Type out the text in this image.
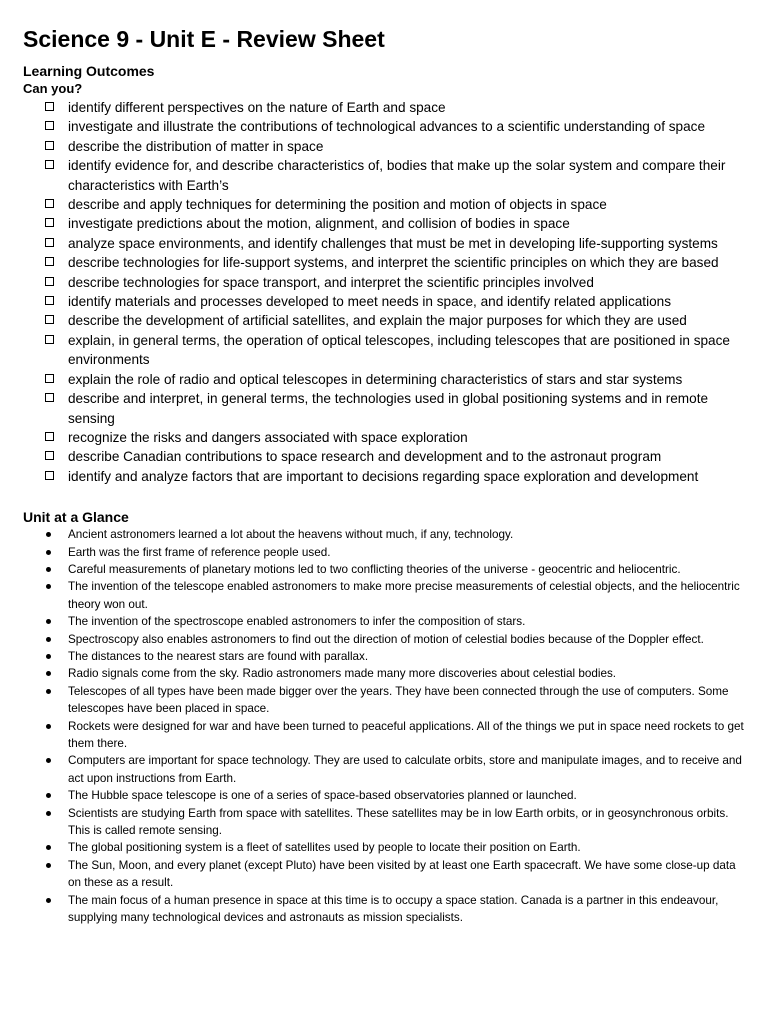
Science 9 - Unit E - Review Sheet
Learning Outcomes
Can you?
identify different perspectives on the nature of Earth and space
investigate and illustrate the contributions of technological advances to a scientific understanding of space
describe the distribution of matter in space
identify evidence for, and describe characteristics of, bodies that make up the solar system and compare their characteristics with Earth’s
describe and apply techniques for determining the position and motion of objects in space
investigate predictions about the motion, alignment, and collision of bodies in space
analyze space environments, and identify challenges that must be met in developing life-supporting systems
describe technologies for life-support systems, and interpret the scientific principles on which they are based
describe technologies for space transport, and interpret the scientific principles involved
identify materials and processes developed to meet needs in space, and identify related applications
describe the development of artificial satellites, and explain the major purposes for which they are used
explain, in general terms, the operation of optical telescopes, including telescopes that are positioned in space environments
explain the role of radio and optical telescopes in determining characteristics of stars and star systems
describe and interpret, in general terms, the technologies used in global positioning systems and in remote sensing
recognize the risks and dangers associated with space exploration
describe Canadian contributions to space research and development and to the astronaut program
identify and analyze factors that are important to decisions regarding space exploration and development
Unit at a Glance
Ancient astronomers learned a lot about the heavens without much, if any, technology.
Earth was the first frame of reference people used.
Careful measurements of planetary motions led to two conflicting theories of the universe - geocentric and heliocentric.
The invention of the telescope enabled astronomers to make more precise measurements of celestial objects, and the heliocentric theory won out.
The invention of the spectroscope enabled astronomers to infer the composition of stars.
Spectroscopy also enables astronomers to find out the direction of motion of celestial bodies because of the Doppler effect.
The distances to the nearest stars are found with parallax.
Radio signals come from the sky. Radio astronomers made many more discoveries about celestial bodies.
Telescopes of all types have been made bigger over the years. They have been connected through the use of computers. Some telescopes have been placed in space.
Rockets were designed for war and have been turned to peaceful applications. All of the things we put in space need rockets to get them there.
Computers are important for space technology. They are used to calculate orbits, store and manipulate images, and to receive and act upon instructions from Earth.
The Hubble space telescope is one of a series of space-based observatories planned or launched.
Scientists are studying Earth from space with satellites. These satellites may be in low Earth orbits, or in geosynchronous orbits. This is called remote sensing.
The global positioning system is a fleet of satellites used by people to locate their position on Earth.
The Sun, Moon, and every planet (except Pluto) have been visited by at least one Earth spacecraft. We have some close-up data on these as a result.
The main focus of a human presence in space at this time is to occupy a space station. Canada is a partner in this endeavour, supplying many technological devices and astronauts as mission specialists.
